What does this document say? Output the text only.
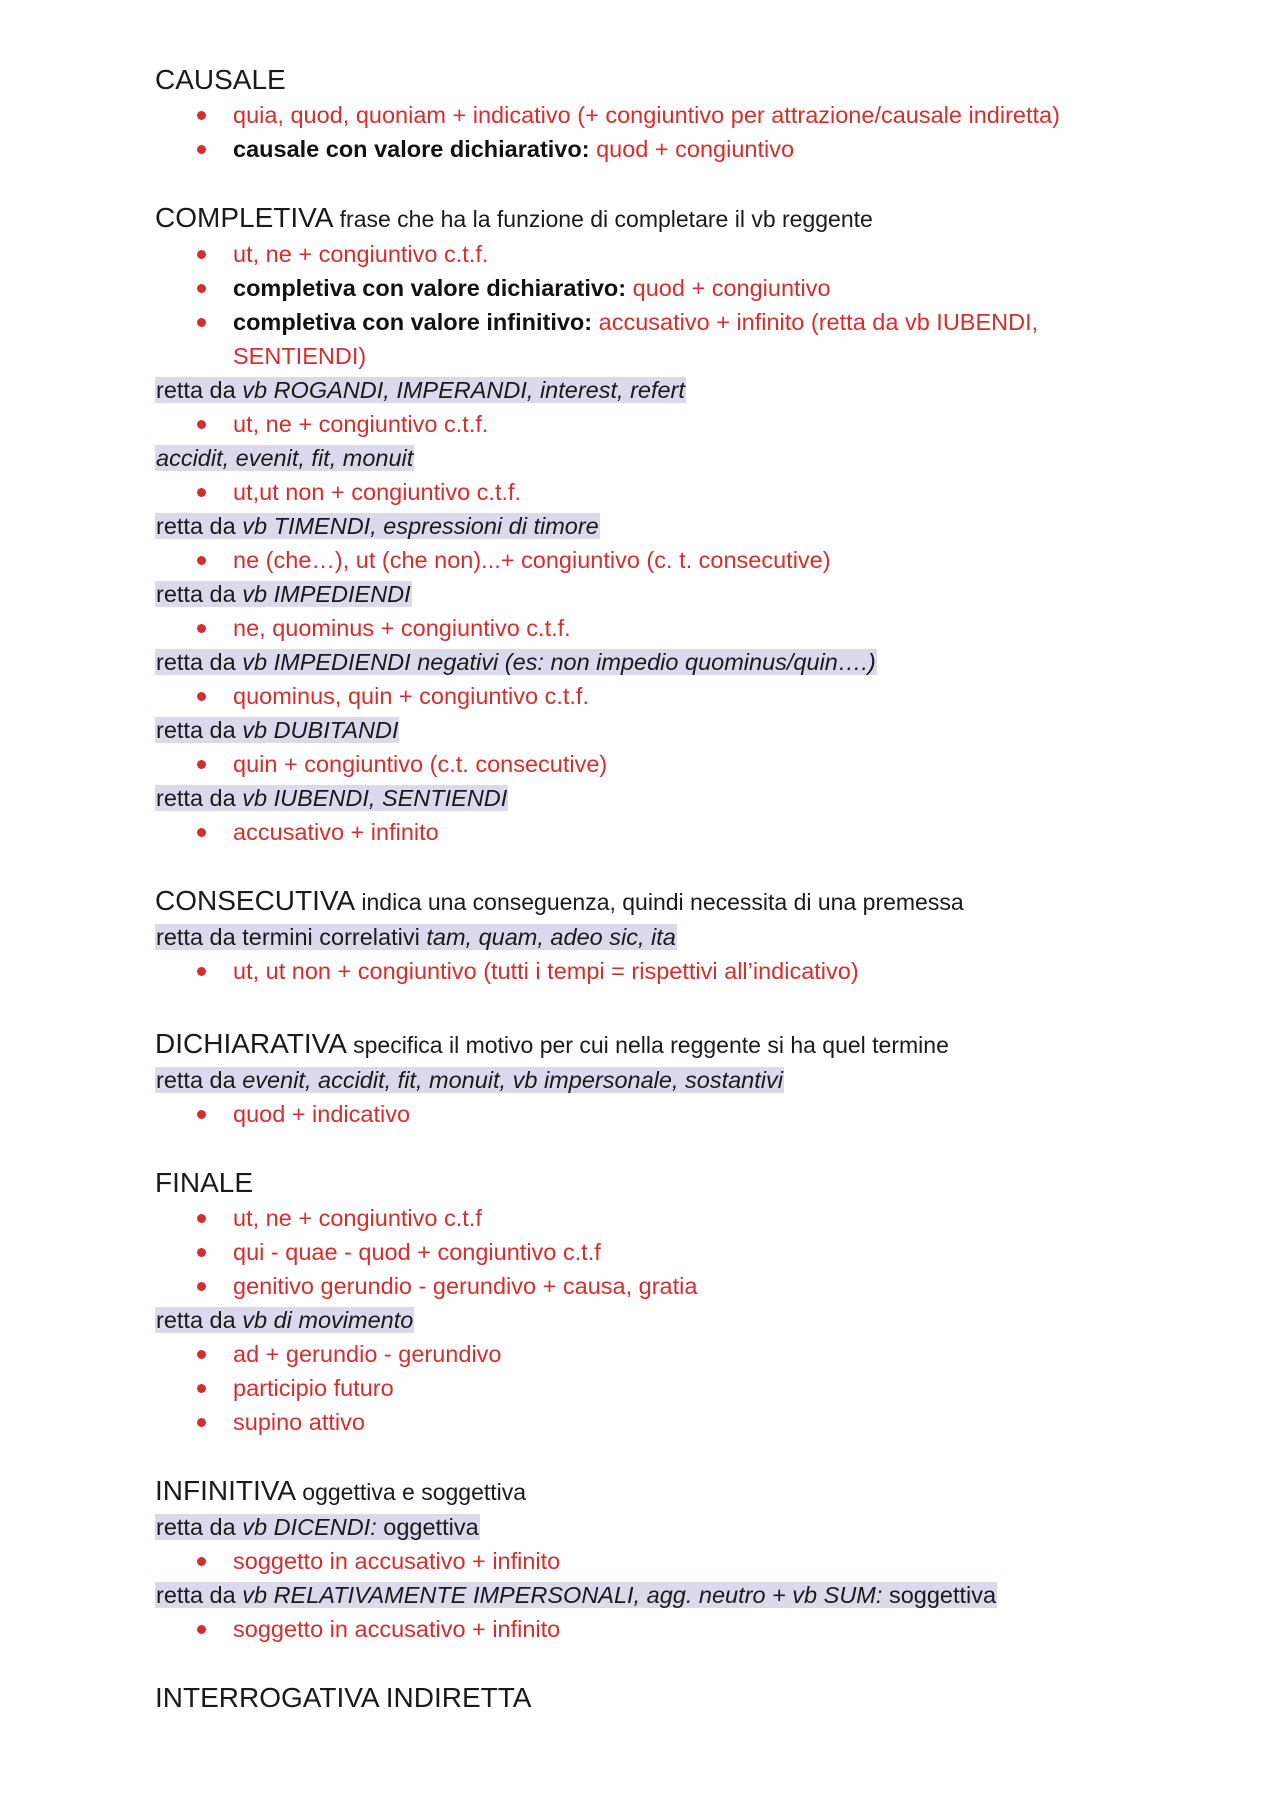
CAUSALE
quia, quod, quoniam + indicativo (+ congiuntivo per attrazione/causale indiretta)
causale con valore dichiarativo: quod + congiuntivo
COMPLETIVA frase che ha la funzione di completare il vb reggente
ut, ne + congiuntivo c.t.f.
completiva con valore dichiarativo: quod + congiuntivo
completiva con valore infinitivo: accusativo + infinito (retta da vb IUBENDI, SENTIENDI)
retta da vb ROGANDI, IMPERANDI, interest, refert
ut, ne + congiuntivo c.t.f.
accidit, evenit, fit, monuit
ut,ut non + congiuntivo c.t.f.
retta da vb TIMENDI, espressioni di timore
ne (che…), ut (che non)...+ congiuntivo (c. t. consecutive)
retta da vb IMPEDIENDI
ne, quominus + congiuntivo c.t.f.
retta da vb IMPEDIENDI negativi (es: non impedio quominus/quin….)
quominus, quin + congiuntivo c.t.f.
retta da vb DUBITANDI
quin + congiuntivo (c.t. consecutive)
retta da vb IUBENDI, SENTIENDI
accusativo + infinito
CONSECUTIVA indica una conseguenza, quindi necessita di una premessa
retta da termini correlativi tam, quam, adeo sic, ita
ut, ut non + congiuntivo (tutti i tempi = rispettivi all’indicativo)
DICHIARATIVA specifica il motivo per cui nella reggente si ha quel termine
retta da evenit, accidit, fit, monuit, vb impersonale, sostantivi
quod + indicativo
FINALE
ut, ne + congiuntivo c.t.f
qui - quae - quod + congiuntivo c.t.f
genitivo gerundio - gerundivo + causa, gratia
retta da vb di movimento
ad + gerundio - gerundivo
participio futuro
supino attivo
INFINITIVA oggettiva e soggettiva
retta da vb DICENDI: oggettiva
soggetto in accusativo + infinito
retta da vb RELATIVAMENTE IMPERSONALI, agg. neutro + vb SUM: soggettiva
soggetto in accusativo + infinito
INTERROGATIVA INDIRETTA
